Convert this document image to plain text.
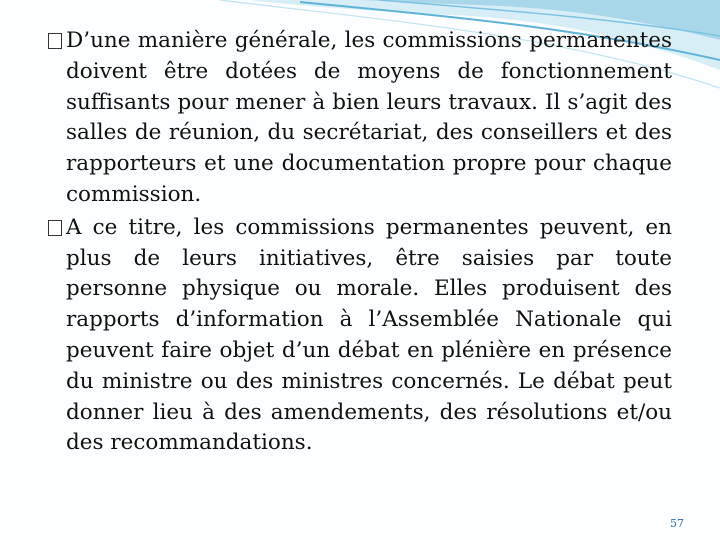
D’une manière générale, les commissions permanentes doivent être dotées de moyens de fonctionnement suffisants pour mener à bien leurs travaux. Il s’agit des salles de réunion, du secrétariat, des conseillers et des rapporteurs et une documentation propre pour chaque commission.

A ce titre, les commissions permanentes peuvent, en plus de leurs initiatives, être saisies par toute personne physique ou morale. Elles produisent des rapports d’information à l’Assemblée Nationale qui peuvent faire objet d’un débat en plénière en présence du ministre ou des ministres concernés. Le débat peut donner lieu à des amendements, des résolutions et/ou des recommandations.

57
